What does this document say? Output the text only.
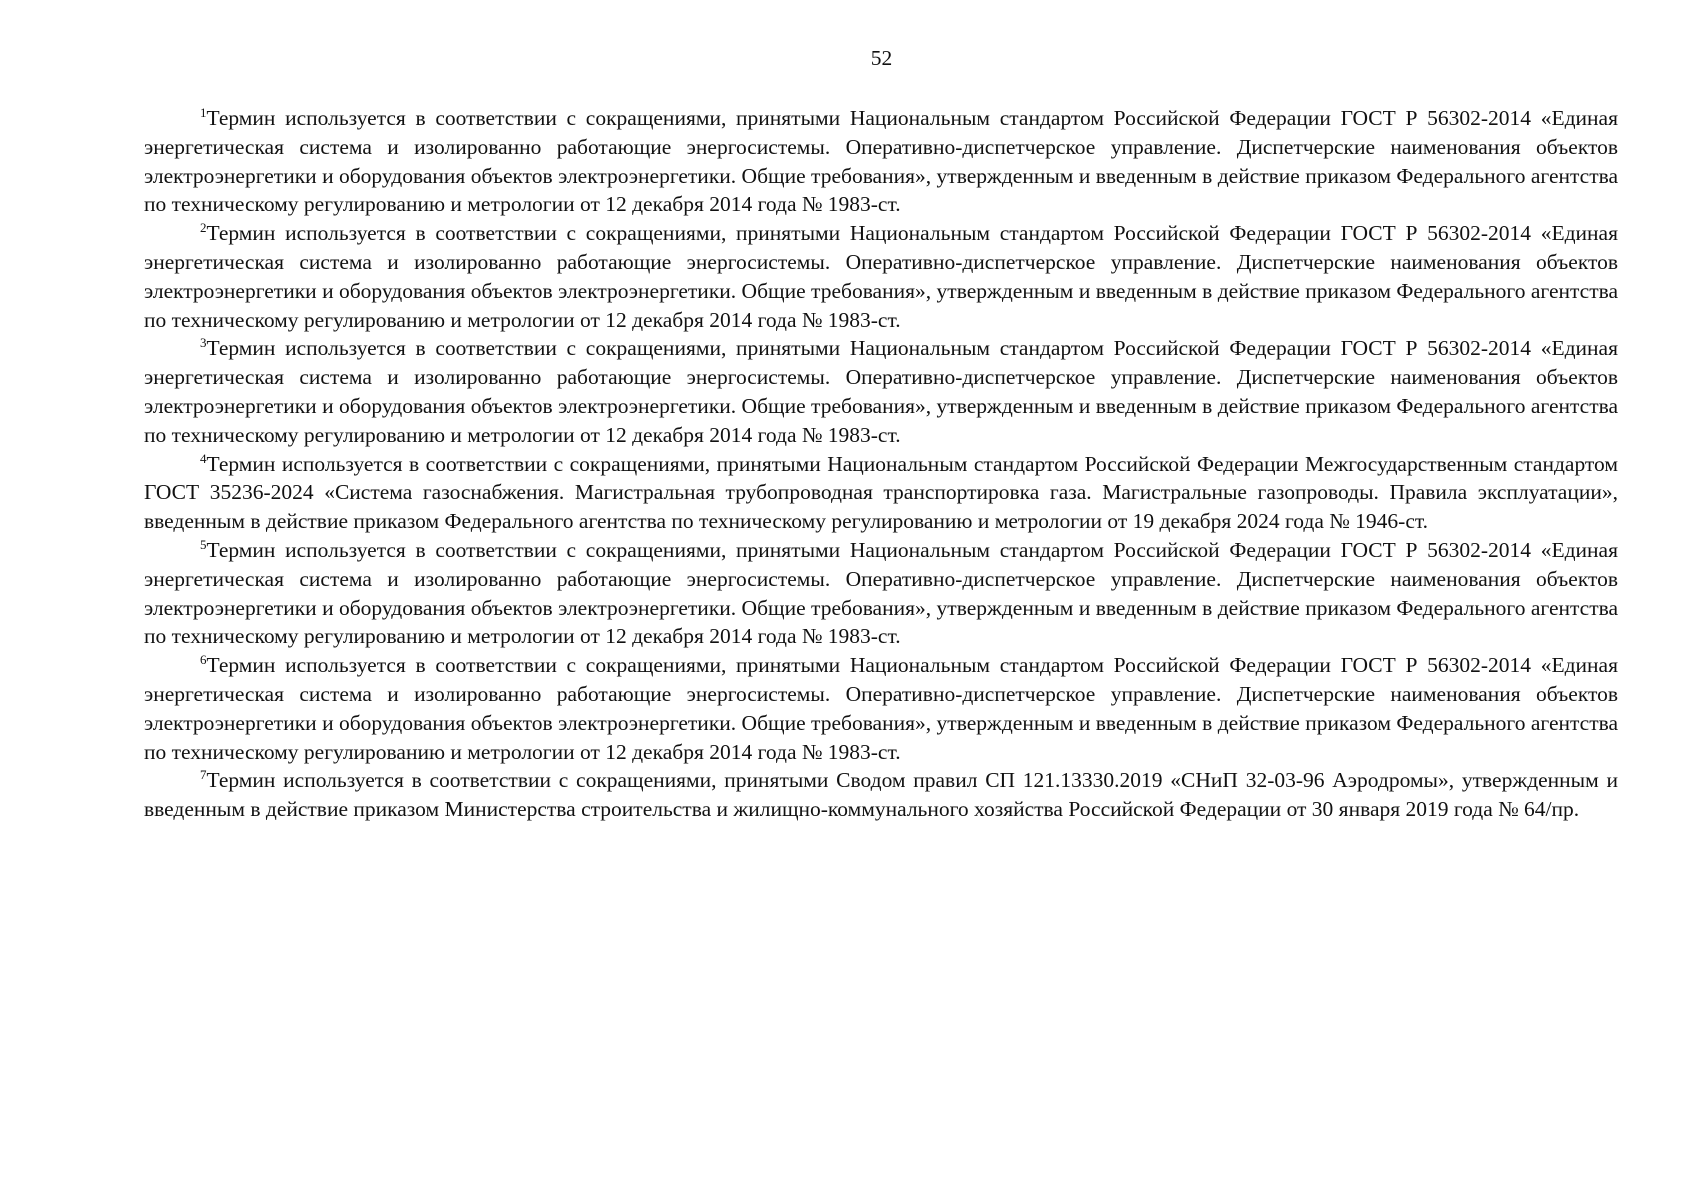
52

$^1$Термин используется в соответствии с сокращениями, принятыми Национальным стандартом Российской Федерации ГОСТ Р 56302-2014 «Единая энергетическая система и изолированно работающие энергосистемы. Оперативно-диспетчерское управление. Диспетчерские наименования объектов электроэнергетики и оборудования объектов электроэнергетики. Общие требования», утвержденным и введенным в действие приказом Федерального агентства по техническому регулированию и метрологии от 12 декабря 2014 года № 1983-ст.

$^2$Термин используется в соответствии с сокращениями, принятыми Национальным стандартом Российской Федерации ГОСТ Р 56302-2014 «Единая энергетическая система и изолированно работающие энергосистемы. Оперативно-диспетчерское управление. Диспетчерские наименования объектов электроэнергетики и оборудования объектов электроэнергетики. Общие требования», утвержденным и введенным в действие приказом Федерального агентства по техническому регулированию и метрологии от 12 декабря 2014 года № 1983-ст.

$^3$Термин используется в соответствии с сокращениями, принятыми Национальным стандартом Российской Федерации ГОСТ Р 56302-2014 «Единая энергетическая система и изолированно работающие энергосистемы. Оперативно-диспетчерское управление. Диспетчерские наименования объектов электроэнергетики и оборудования объектов электроэнергетики. Общие требования», утвержденным и введенным в действие приказом Федерального агентства по техническому регулированию и метрологии от 12 декабря 2014 года № 1983-ст.

$^4$Термин используется в соответствии с сокращениями, принятыми Национальным стандартом Российской Федерации Межгосударственным стандартом ГОСТ 35236-2024 «Система газоснабжения. Магистральная трубопроводная транспортировка газа. Магистральные газопроводы. Правила эксплуатации», введенным в действие приказом Федерального агентства по техническому регулированию и метрологии от 19 декабря 2024 года № 1946-ст.

$^5$Термин используется в соответствии с сокращениями, принятыми Национальным стандартом Российской Федерации ГОСТ Р 56302-2014 «Единая энергетическая система и изолированно работающие энергосистемы. Оперативно-диспетчерское управление. Диспетчерские наименования объектов электроэнергетики и оборудования объектов электроэнергетики. Общие требования», утвержденным и введенным в действие приказом Федерального агентства по техническому регулированию и метрологии от 12 декабря 2014 года № 1983-ст.

$^6$Термин используется в соответствии с сокращениями, принятыми Национальным стандартом Российской Федерации ГОСТ Р 56302-2014 «Единая энергетическая система и изолированно работающие энергосистемы. Оперативно-диспетчерское управление. Диспетчерские наименования объектов электроэнергетики и оборудования объектов электроэнергетики. Общие требования», утвержденным и введенным в действие приказом Федерального агентства по техническому регулированию и метрологии от 12 декабря 2014 года № 1983-ст.

$^7$Термин используется в соответствии с сокращениями, принятыми Сводом правил СП 121.13330.2019 «СНиП 32-03-96 Аэродромы», утвержденным и введенным в действие приказом Министерства строительства и жилищно-коммунального хозяйства Российской Федерации от 30 января 2019 года № 64/пр.
